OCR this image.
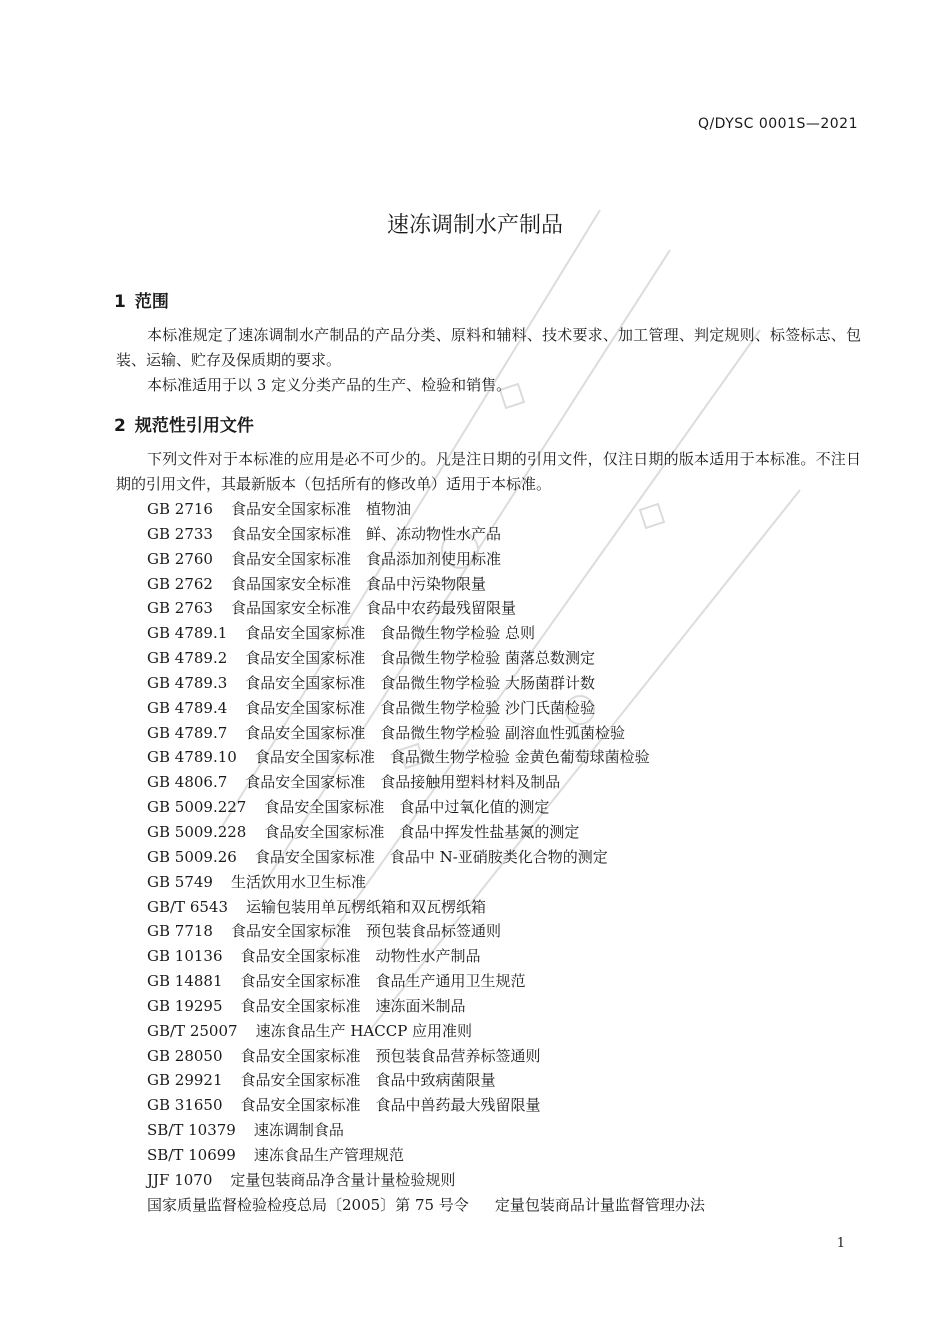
Q/DYSC 0001S—2021
速冻调制水产制品
1 范围

本标准规定了速冻调制水产制品的产品分类、原料和辅料、技术要求、加工管理、判定规则、标签标志、包装、运输、贮存及保质期的要求。

本标准适用于以 3 定义分类产品的生产、检验和销售。

2 规范性引用文件

下列文件对于本标准的应用是必不可少的。凡是注日期的引用文件，仅注日期的版本适用于本标准。不注日期的引用文件，其最新版本（包括所有的修改单）适用于本标准。

GB 2716 食品安全国家标准　植物油
GB 2733 食品安全国家标准　鲜、冻动物性水产品
GB 2760 食品安全国家标准　食品添加剂使用标准
GB 2762 食品国家安全标准　食品中污染物限量
GB 2763 食品国家安全标准　食品中农药最残留限量
GB 4789.1 食品安全国家标准　食品微生物学检验 总则
GB 4789.2 食品安全国家标准　食品微生物学检验 菌落总数测定
GB 4789.3 食品安全国家标准　食品微生物学检验 大肠菌群计数
GB 4789.4 食品安全国家标准　食品微生物学检验 沙门氏菌检验
GB 4789.7 食品安全国家标准　食品微生物学检验 副溶血性弧菌检验
GB 4789.10 食品安全国家标准　食品微生物学检验 金黄色葡萄球菌检验
GB 4806.7 食品安全国家标准　食品接触用塑料材料及制品
GB 5009.227 食品安全国家标准　食品中过氧化值的测定
GB 5009.228 食品安全国家标准　食品中挥发性盐基氮的测定
GB 5009.26 食品安全国家标准　食品中 N-亚硝胺类化合物的测定
GB 5749 生活饮用水卫生标准
GB/T 6543 运输包装用单瓦楞纸箱和双瓦楞纸箱
GB 7718 食品安全国家标准　预包装食品标签通则
GB 10136 食品安全国家标准　动物性水产制品
GB 14881 食品安全国家标准　食品生产通用卫生规范
GB 19295 食品安全国家标准　速冻面米制品
GB/T 25007 速冻食品生产 HACCP 应用准则
GB 28050 食品安全国家标准　预包装食品营养标签通则
GB 29921 食品安全国家标准　食品中致病菌限量
GB 31650 食品安全国家标准　食品中兽药最大残留限量
SB/T 10379 速冻调制食品
SB/T 10699 速冻食品生产管理规范
JJF 1070 定量包装商品净含量计量检验规则
国家质量监督检验检疫总局〔2005〕第 75 号令 定量包装商品计量监督管理办法
1
